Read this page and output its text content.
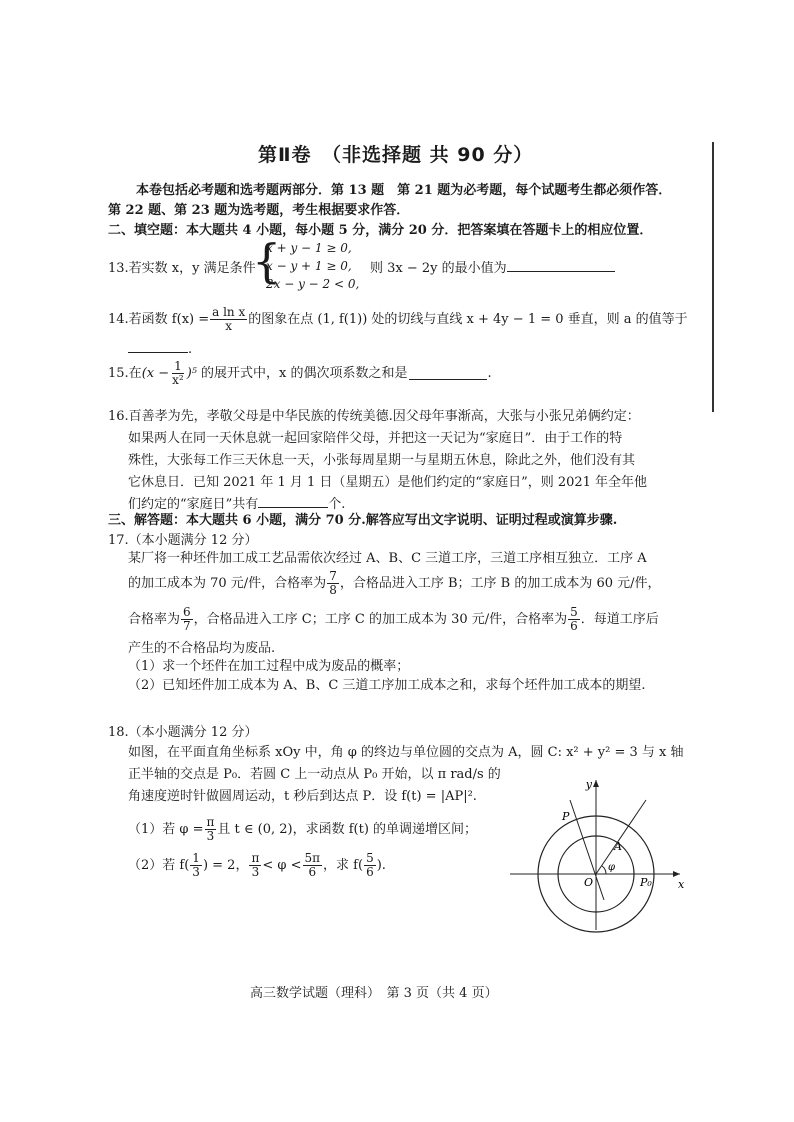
第Ⅱ卷　（非选择题 共 90 分）
本卷包括必考题和选考题两部分．第 13 题　第 21 题为必考题，每个试题考生都必须作答．
第 22 题、第 23 题为选考题，考生根据要求作答．
二、填空题：本大题共 4 小题，每小题 5 分，满分 20 分．把答案填在答题卡上的相应位置．
13.若实数 x，y 满足条件
{
x + y − 1 ≥ 0,
x − y + 1 ≥ 0,
2x − y − 2 < 0,
则 3x − 2y 的最小值为
14.若函数 $f(x) = \frac{\text{a ln x}}{x}$ 的图象在点 (1, f(1)) 处的切线与直线 x + 4y − 1 = 0 垂直，则 a 的值等于
.
15.在 $(x - \frac{1}{\text{x²}} )^5$ 的展开式中，x 的偶次项系数之和是	.
16.百善孝为先，孝敬父母是中华民族的传统美德.因父母年事渐高，大张与小张兄弟俩约定：
如果两人在同一天休息就一起回家陪伴父母，并把这一天记为“家庭日”．由于工作的特
殊性，大张每工作三天休息一天，小张每周星期一与星期五休息，除此之外，他们没有其
它休息日．已知 2021 年 1 月 1 日（星期五）是他们约定的“家庭日”，则 2021 年全年他
们约定的“家庭日”共有	个.
三、解答题：本大题共 6 小题，满分 70 分.解答应写出文字说明、证明过程或演算步骤.
17.（本小题满分 12 分）
某厂将一种坯件加工成工艺品需依次经过 A、B、C 三道工序，三道工序相互独立．工序 A
的加工成本为 70 元/件，合格率为 $\frac{7}{8}$ ，合格品进入工序 B；工序 B 的加工成本为 60 元/件，
合格率为 $\frac{6}{7}$ ，合格品进入工序 C；工序 C 的加工成本为 30 元/件，合格率为 $\frac{5}{6}$ ．每道工序后
产生的不合格品均为废品.
（1）求一个坯件在加工过程中成为废品的概率；
（2）已知坯件加工成本为 A、B、C 三道工序加工成本之和，求每个坯件加工成本的期望.
18.（本小题满分 12 分）
如图，在平面直角坐标系 xOy 中，角 φ 的终边与单位圆的交点为 A，圆 C: x² + y² = 3 与 x 轴
正半轴的交点是 P₀．若圆 C 上一动点从 P₀ 开始，以 π rad/s 的
角速度逆时针做圆周运动，t 秒后到达点 P．设 f(t) = |AP|².
（1）若 $\varphi = \frac{\pi}{3}$ 且 t ∈ (0, 2)，求函数 f(t) 的单调递增区间；
（2）若 $f( \frac{1}{3}$ ) = 2， $\frac{\pi}{3} < \varphi < \frac{5\pi}{6}$ ，求 $f( \frac{5}{6}$ ).
y
x
O
P
A
P₀
φ
高三数学试题（理科）　第 3 页（共 4 页）
